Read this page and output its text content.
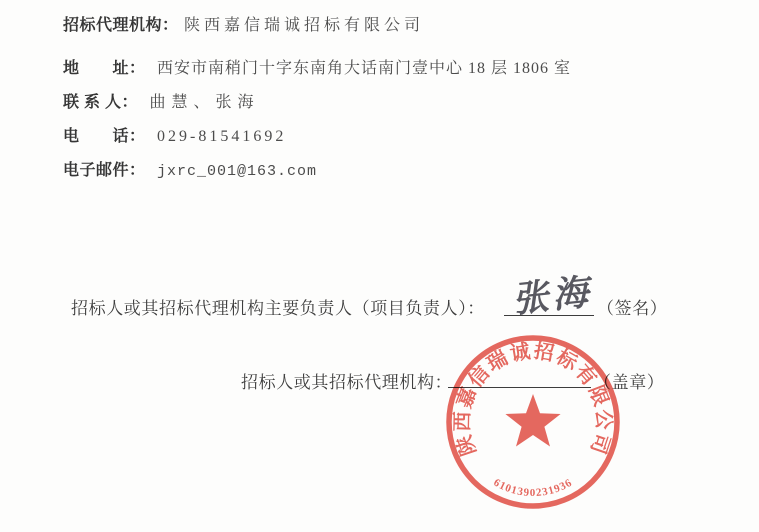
招标代理机构： 陕西嘉信瑞诚招标有限公司
地　　址： 西安市南稍门十字东南角大话南门壹中心 18 层 1806 室
联 系 人： 曲慧、张海
电　　话： 029-81541692
电子邮件： jxrc_001@163.com
招标人或其招标代理机构主要负责人（项目负责人）： 张海 （签名）
招标人或其招标代理机构：	（盖章）
陕西嘉信瑞诚招标有限公司
6101390231936
